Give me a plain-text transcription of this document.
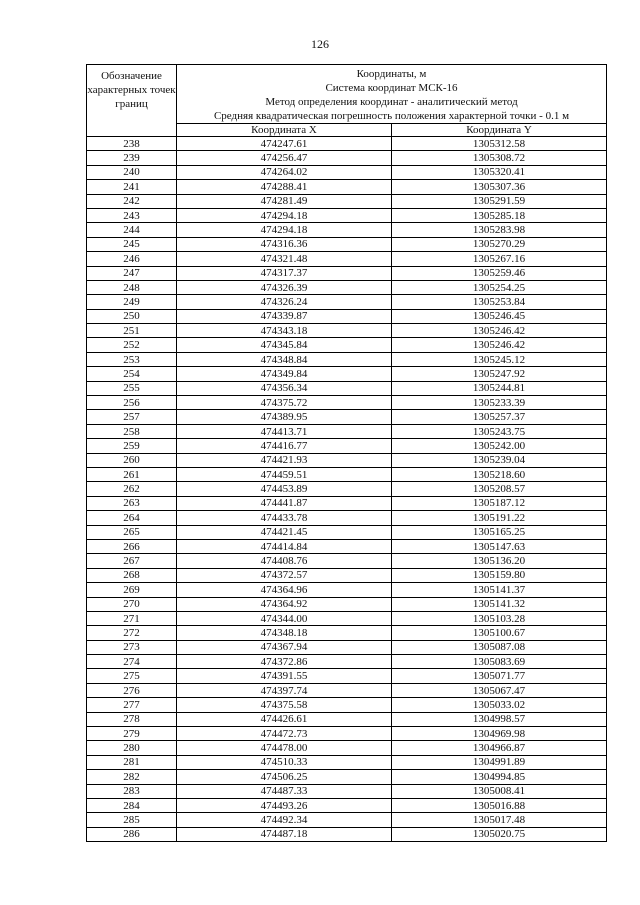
126
Обозначение характерных точек границ	Координаты, м
Система координат МСК-16
Метод определения координат - аналитический метод
Средняя квадратическая погрешность положения характерной точки - 0.1 м	

	Координата X	Координата Y
238	474247.61	1305312.58
239	474256.47	1305308.72
240	474264.02	1305320.41
241	474288.41	1305307.36
242	474281.49	1305291.59
243	474294.18	1305285.18
244	474294.18	1305283.98
245	474316.36	1305270.29
246	474321.48	1305267.16
247	474317.37	1305259.46
248	474326.39	1305254.25
249	474326.24	1305253.84
250	474339.87	1305246.45
251	474343.18	1305246.42
252	474345.84	1305246.42
253	474348.84	1305245.12
254	474349.84	1305247.92
255	474356.34	1305244.81
256	474375.72	1305233.39
257	474389.95	1305257.37
258	474413.71	1305243.75
259	474416.77	1305242.00
260	474421.93	1305239.04
261	474459.51	1305218.60
262	474453.89	1305208.57
263	474441.87	1305187.12
264	474433.78	1305191.22
265	474421.45	1305165.25
266	474414.84	1305147.63
267	474408.76	1305136.20
268	474372.57	1305159.80
269	474364.96	1305141.37
270	474364.92	1305141.32
271	474344.00	1305103.28
272	474348.18	1305100.67
273	474367.94	1305087.08
274	474372.86	1305083.69
275	474391.55	1305071.77
276	474397.74	1305067.47
277	474375.58	1305033.02
278	474426.61	1304998.57
279	474472.73	1304969.98
280	474478.00	1304966.87
281	474510.33	1304991.89
282	474506.25	1304994.85
283	474487.33	1305008.41
284	474493.26	1305016.88
285	474492.34	1305017.48
286	474487.18	1305020.75
